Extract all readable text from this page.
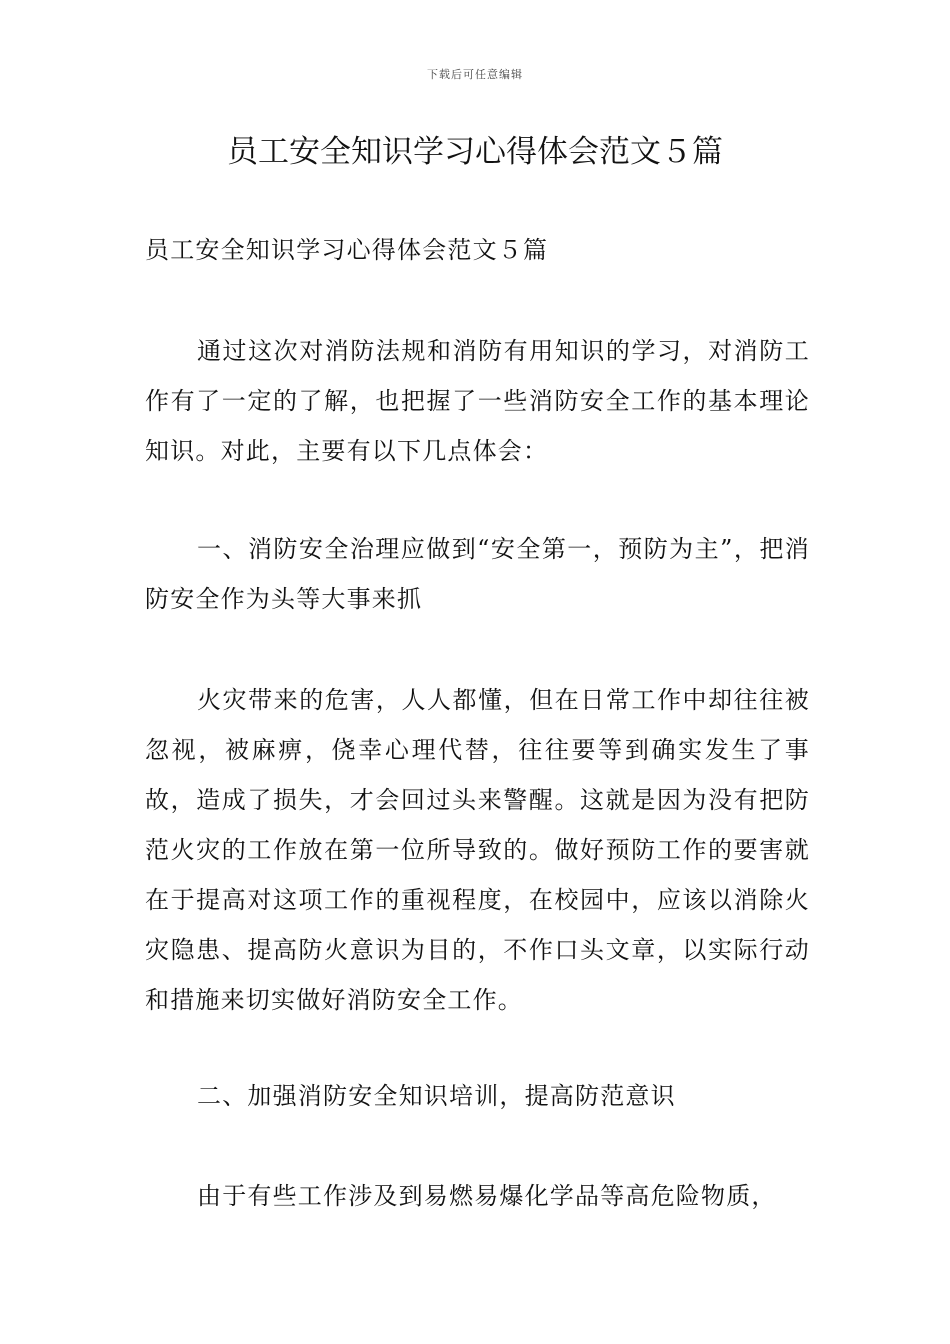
下载后可任意编辑
员工安全知识学习心得体会范文５篇

员工安全知识学习心得体会范文５篇

通过这次对消防法规和消防有用知识的学习，对消防工作有了一定的了解，也把握了一些消防安全工作的基本理论知识。对此，主要有以下几点体会：

一、消防安全治理应做到“安全第一，预防为主”，把消防安全作为头等大事来抓

火灾带来的危害，人人都懂，但在日常工作中却往往被忽视，被麻痹，侥幸心理代替，往往要等到确实发生了事故，造成了损失，才会回过头来警醒。这就是因为没有把防范火灾的工作放在第一位所导致的。做好预防工作的要害就在于提高对这项工作的重视程度，在校园中，应该以消除火灾隐患、提高防火意识为目的，不作口头文章，以实际行动和措施来切实做好消防安全工作。

二、加强消防安全知识培训，提高防范意识

由于有些工作涉及到易燃易爆化学品等高危险物质，
